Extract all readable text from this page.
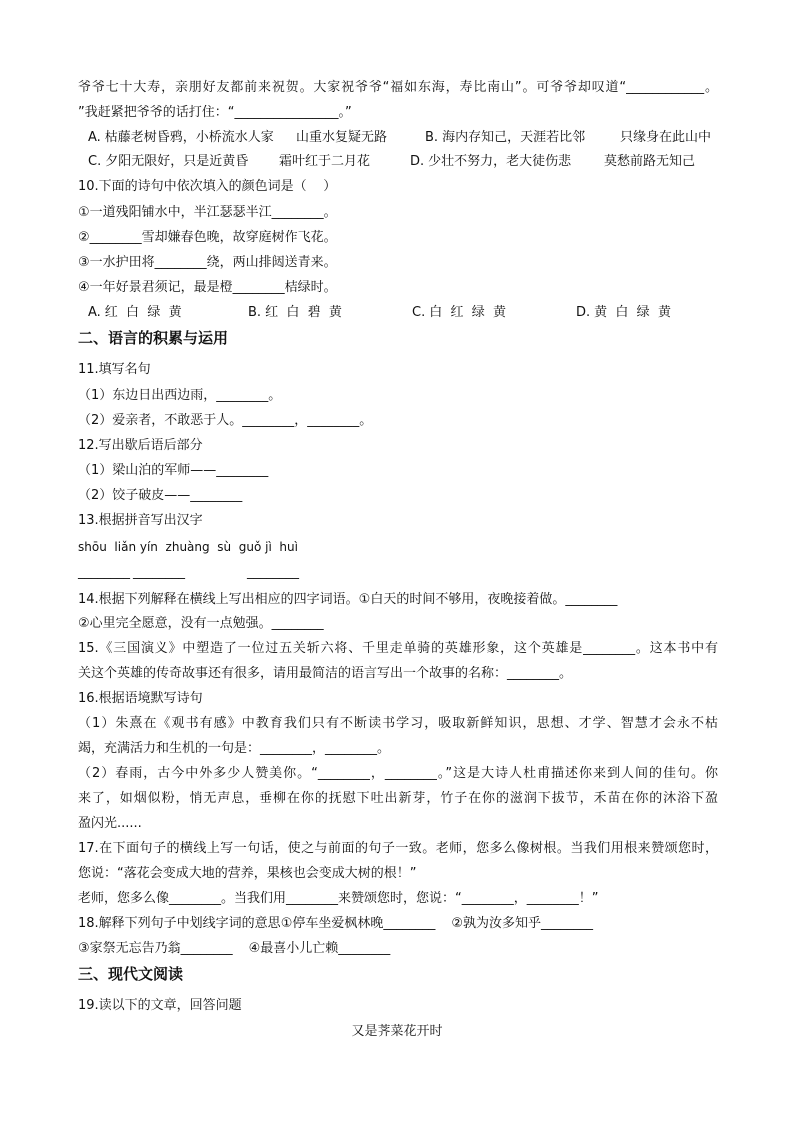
爷爷七十大寿，亲朋好友都前来祝贺。大家祝爷爷“福如东海，寿比南山”。可爷爷却叹道“____________。
”我赶紧把爷爷的话打住：“________________。”
A. 枯藤老树昏鸦，小桥流水人家 山重水复疑无路	B. 海内存知己，天涯若比邻	只缘身在此山中
C. 夕阳无限好，只是近黄昏 霜叶红于二月花	D. 少壮不努力，老大徒伤悲	莫愁前路无知己
10.下面的诗句中依次填入的颜色词是（    ）
①一道残阳铺水中，半江瑟瑟半江________。
②________雪却嫌春色晚，故穿庭树作飞花。
③一水护田将________绕，两山排闼送青来。
④一年好景君须记，最是橙________桔绿时。
A. 红  白  绿  黄	B. 红  白  碧  黄	C. 白  红  绿  黄	D. 黄  白  绿  黄
二、语言的积累与运用
11.填写名句
（1）东边日出西边雨，________。
（2）爱亲者，不敢恶于人。________，________。
12.写出歇后语后部分
（1）梁山泊的军师——________
（2）饺子破皮——________
13.根据拼音写出汉字
shōu  liǎn yín  zhuàng  sù  guǒ jì  huì
________ ________	________
14.根据下列解释在横线上写出相应的四字词语。①白天的时间不够用，夜晚接着做。________
②心里完全愿意，没有一点勉强。________
15.《三国演义》中塑造了一位过五关斩六将、千里走单骑的英雄形象，这个英雄是________。这本书中有
关这个英雄的传奇故事还有很多，请用最简洁的语言写出一个故事的名称：________。
16.根据语境默写诗句
（1）朱熹在《观书有感》中教育我们只有不断读书学习，吸取新鲜知识，思想、才学、智慧才会永不枯
竭，充满活力和生机的一句是：________，________。
（2）春雨，古今中外多少人赞美你。“________，________。”这是大诗人杜甫描述你来到人间的佳句。你
来了，如烟似粉，悄无声息，垂柳在你的抚慰下吐出新芽，竹子在你的滋润下拔节，禾苗在你的沐浴下盈
盈闪光......
17.在下面句子的横线上写一句话，使之与前面的句子一致。老师，您多么像树根。当我们用根来赞颂您时，
您说：“落花会变成大地的营养，果核也会变成大树的根！”
老师，您多么像________。当我们用________来赞颂您时，您说：“________，________！”
18.解释下列句子中划线字词的意思①停车坐爱枫林晚________ ②孰为汝多知乎________
③家祭无忘告乃翁________ ④最喜小儿亡赖________
三、现代文阅读
19.读以下的文章，回答问题
又是荠菜花开时
